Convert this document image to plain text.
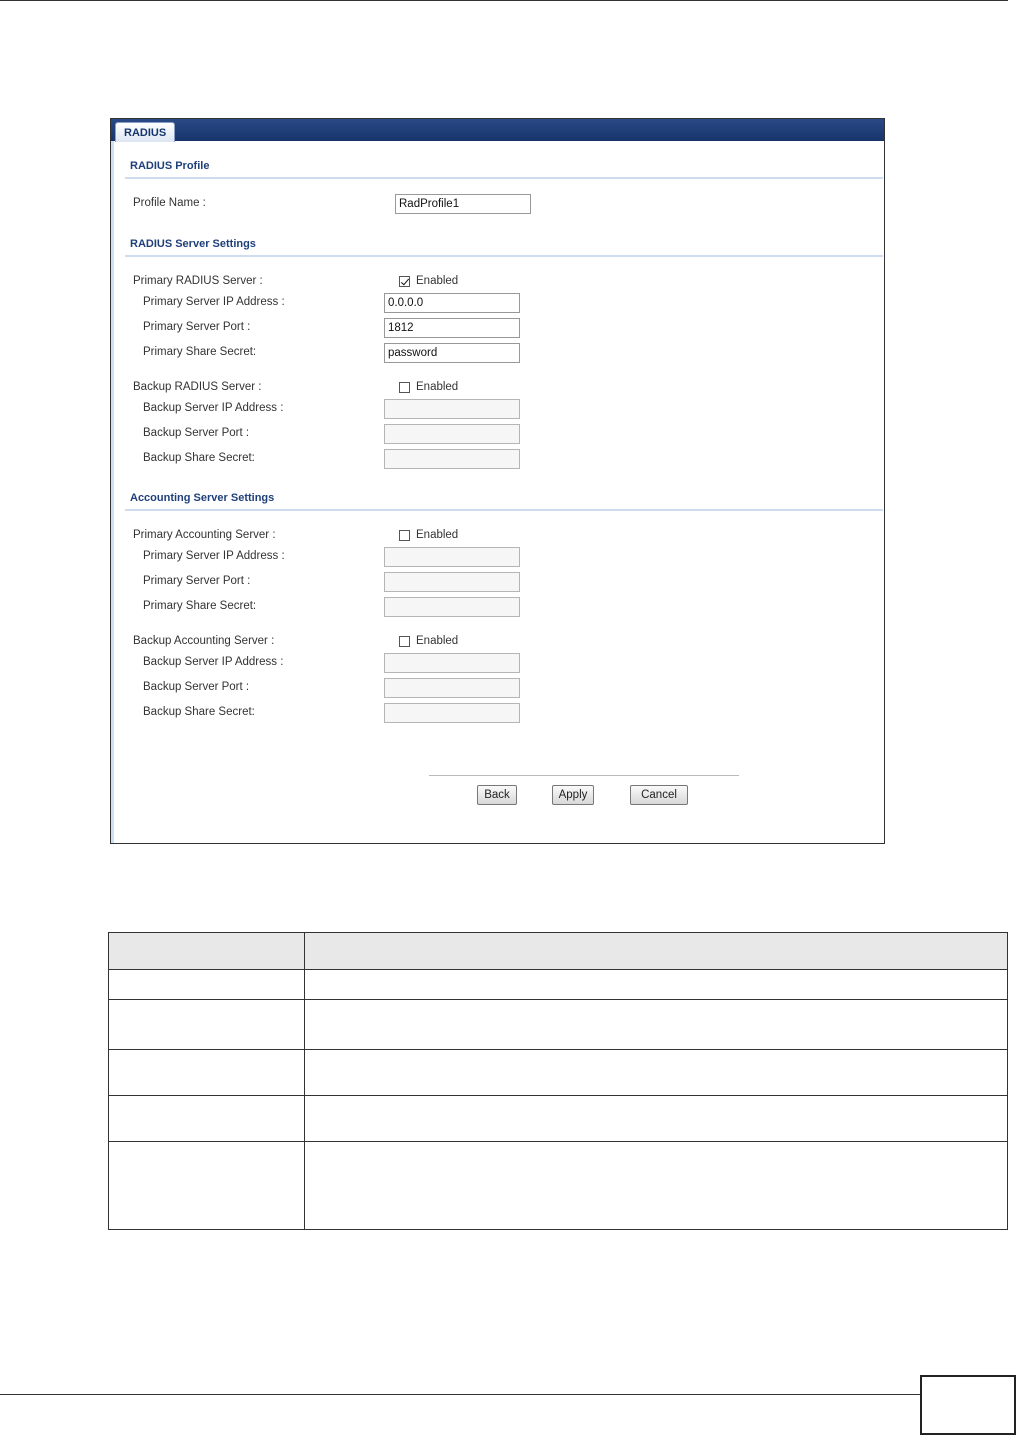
RADIUS
RADIUS Profile
Profile Name :	RadProfile1
RADIUS Server Settings
Primary RADIUS Server :	Enabled
Primary Server IP Address :	0.0.0.0
Primary Server Port :	1812
Primary Share Secret:	password
Backup RADIUS Server :	Enabled
Backup Server IP Address :
Backup Server Port :
Backup Share Secret:
Accounting Server Settings
Primary Accounting Server :	Enabled
Primary Server IP Address :
Primary Server Port :
Primary Share Secret:
Backup Accounting Server :	Enabled
Backup Server IP Address :
Backup Server Port :
Backup Share Secret:
Back	Apply	Cancel
